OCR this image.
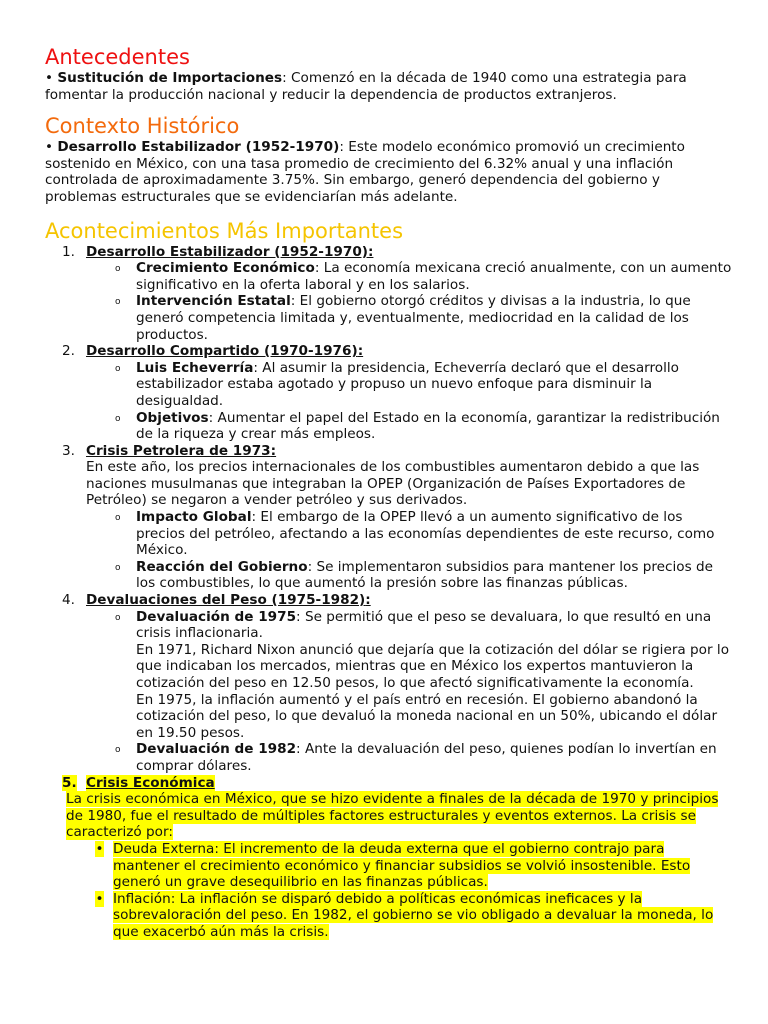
Antecedentes

• Sustitución de Importaciones: Comenzó en la década de 1940 como una estrategia para fomentar la producción nacional y reducir la dependencia de productos extranjeros.

Contexto Histórico

• Desarrollo Estabilizador (1952-1970): Este modelo económico promovió un crecimiento sostenido en México, con una tasa promedio de crecimiento del 6.32% anual y una inflación controlada de aproximadamente 3.75%. Sin embargo, generó dependencia del gobierno y problemas estructurales que se evidenciarían más adelante.

Acontecimientos Más Importantes
1. Desarrollo Estabilizador (1952-1970):
o	Crecimiento Económico: La economía mexicana creció anualmente, con un aumento significativo en la oferta laboral y en los salarios.
o	Intervención Estatal: El gobierno otorgó créditos y divisas a la industria, lo que generó competencia limitada y, eventualmente, mediocridad en la calidad de los productos.
2. Desarrollo Compartido (1970-1976):
o	Luis Echeverría: Al asumir la presidencia, Echeverría declaró que el desarrollo estabilizador estaba agotado y propuso un nuevo enfoque para disminuir la desigualdad.
o	Objetivos: Aumentar el papel del Estado en la economía, garantizar la redistribución de la riqueza y crear más empleos.
3. Crisis Petrolera de 1973:
En este año, los precios internacionales de los combustibles aumentaron debido a que las naciones musulmanas que integraban la OPEP (Organización de Países Exportadores de Petróleo) se negaron a vender petróleo y sus derivados.
o	Impacto Global: El embargo de la OPEP llevó a un aumento significativo de los precios del petróleo, afectando a las economías dependientes de este recurso, como México.
o	Reacción del Gobierno: Se implementaron subsidios para mantener los precios de los combustibles, lo que aumentó la presión sobre las finanzas públicas.
4. Devaluaciones del Peso (1975-1982):
o	Devaluación de 1975: Se permitió que el peso se devaluara, lo que resultó en una crisis inflacionaria.
En 1971, Richard Nixon anunció que dejaría que la cotización del dólar se rigiera por lo que indicaban los mercados, mientras que en México los expertos mantuvieron la cotización del peso en 12.50 pesos, lo que afectó significativamente la economía.
En 1975, la inflación aumentó y el país entró en recesión. El gobierno abandonó la cotización del peso, lo que devaluó la moneda nacional en un 50%, ubicando el dólar en 19.50 pesos.
o	Devaluación de 1982: Ante la devaluación del peso, quienes podían lo invertían en comprar dólares.
5. Crisis Económica
La crisis económica en México, que se hizo evidente a finales de la década de 1970 y principios de 1980, fue el resultado de múltiples factores estructurales y eventos externos. La crisis se caracterizó por:
• Deuda Externa: El incremento de la deuda externa que el gobierno contrajo para mantener el crecimiento económico y financiar subsidios se volvió insostenible. Esto generó un grave desequilibrio en las finanzas públicas.
• Inflación: La inflación se disparó debido a políticas económicas ineficaces y la sobrevaloración del peso. En 1982, el gobierno se vio obligado a devaluar la moneda, lo que exacerbó aún más la crisis.
